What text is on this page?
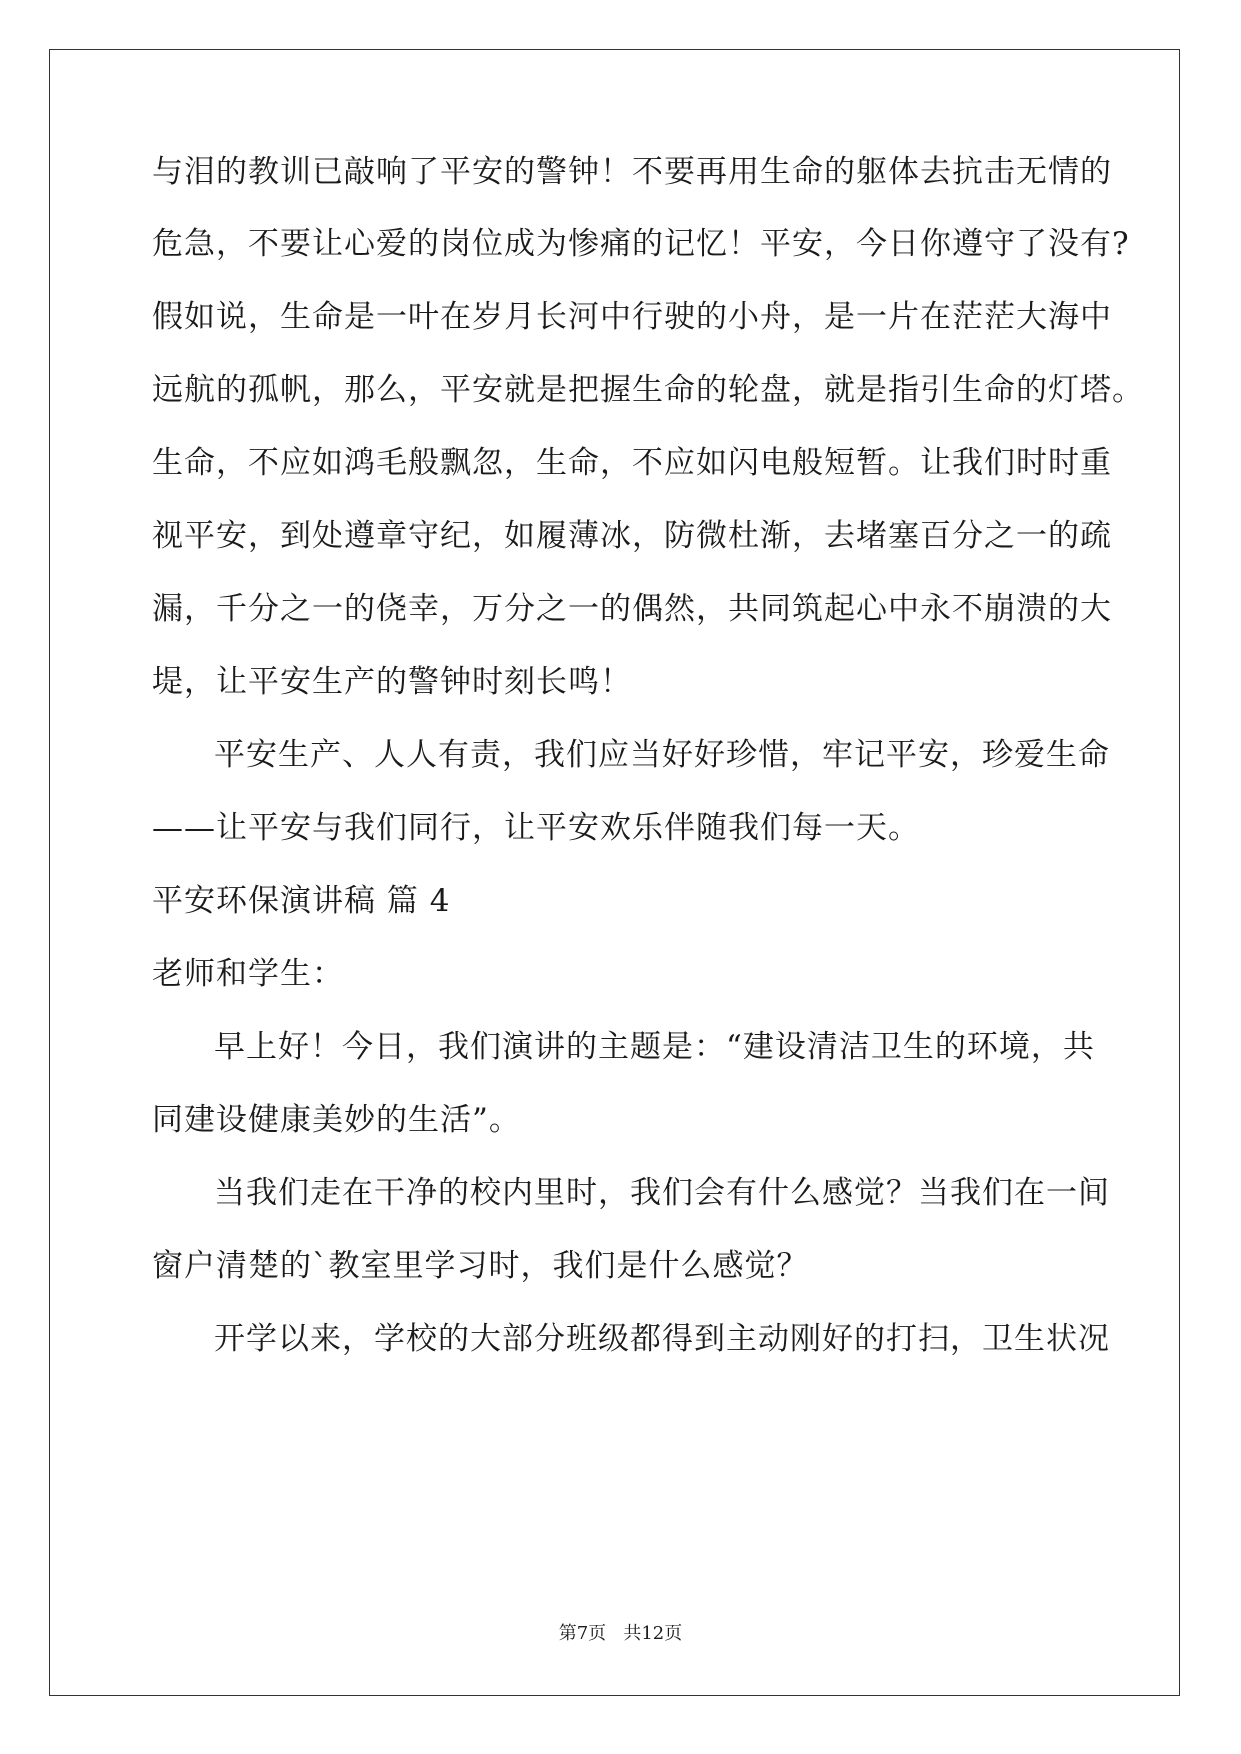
与泪的教训已敲响了平安的警钟！不要再用生命的躯体去抗击无情的
危急，不要让心爱的岗位成为惨痛的记忆！平安，今日你遵守了没有?
假如说，生命是一叶在岁月长河中行驶的小舟，是一片在茫茫大海中
远航的孤帆，那么，平安就是把握生命的轮盘，就是指引生命的灯塔。
生命，不应如鸿毛般飘忽，生命，不应如闪电般短暂。让我们时时重
视平安，到处遵章守纪，如履薄冰，防微杜渐，去堵塞百分之一的疏
漏，千分之一的侥幸，万分之一的偶然，共同筑起心中永不崩溃的大
堤，让平安生产的警钟时刻长鸣！
平安生产、人人有责，我们应当好好珍惜，牢记平安，珍爱生命
——让平安与我们同行，让平安欢乐伴随我们每一天。
平安环保演讲稿 篇 4
老师和学生：
早上好！今日，我们演讲的主题是：“建设清洁卫生的环境，共
同建设健康美妙的生活”。
当我们走在干净的校内里时，我们会有什么感觉？当我们在一间
窗户清楚的`教室里学习时，我们是什么感觉？
开学以来，学校的大部分班级都得到主动刚好的打扫，卫生状况
第7页   共12页
